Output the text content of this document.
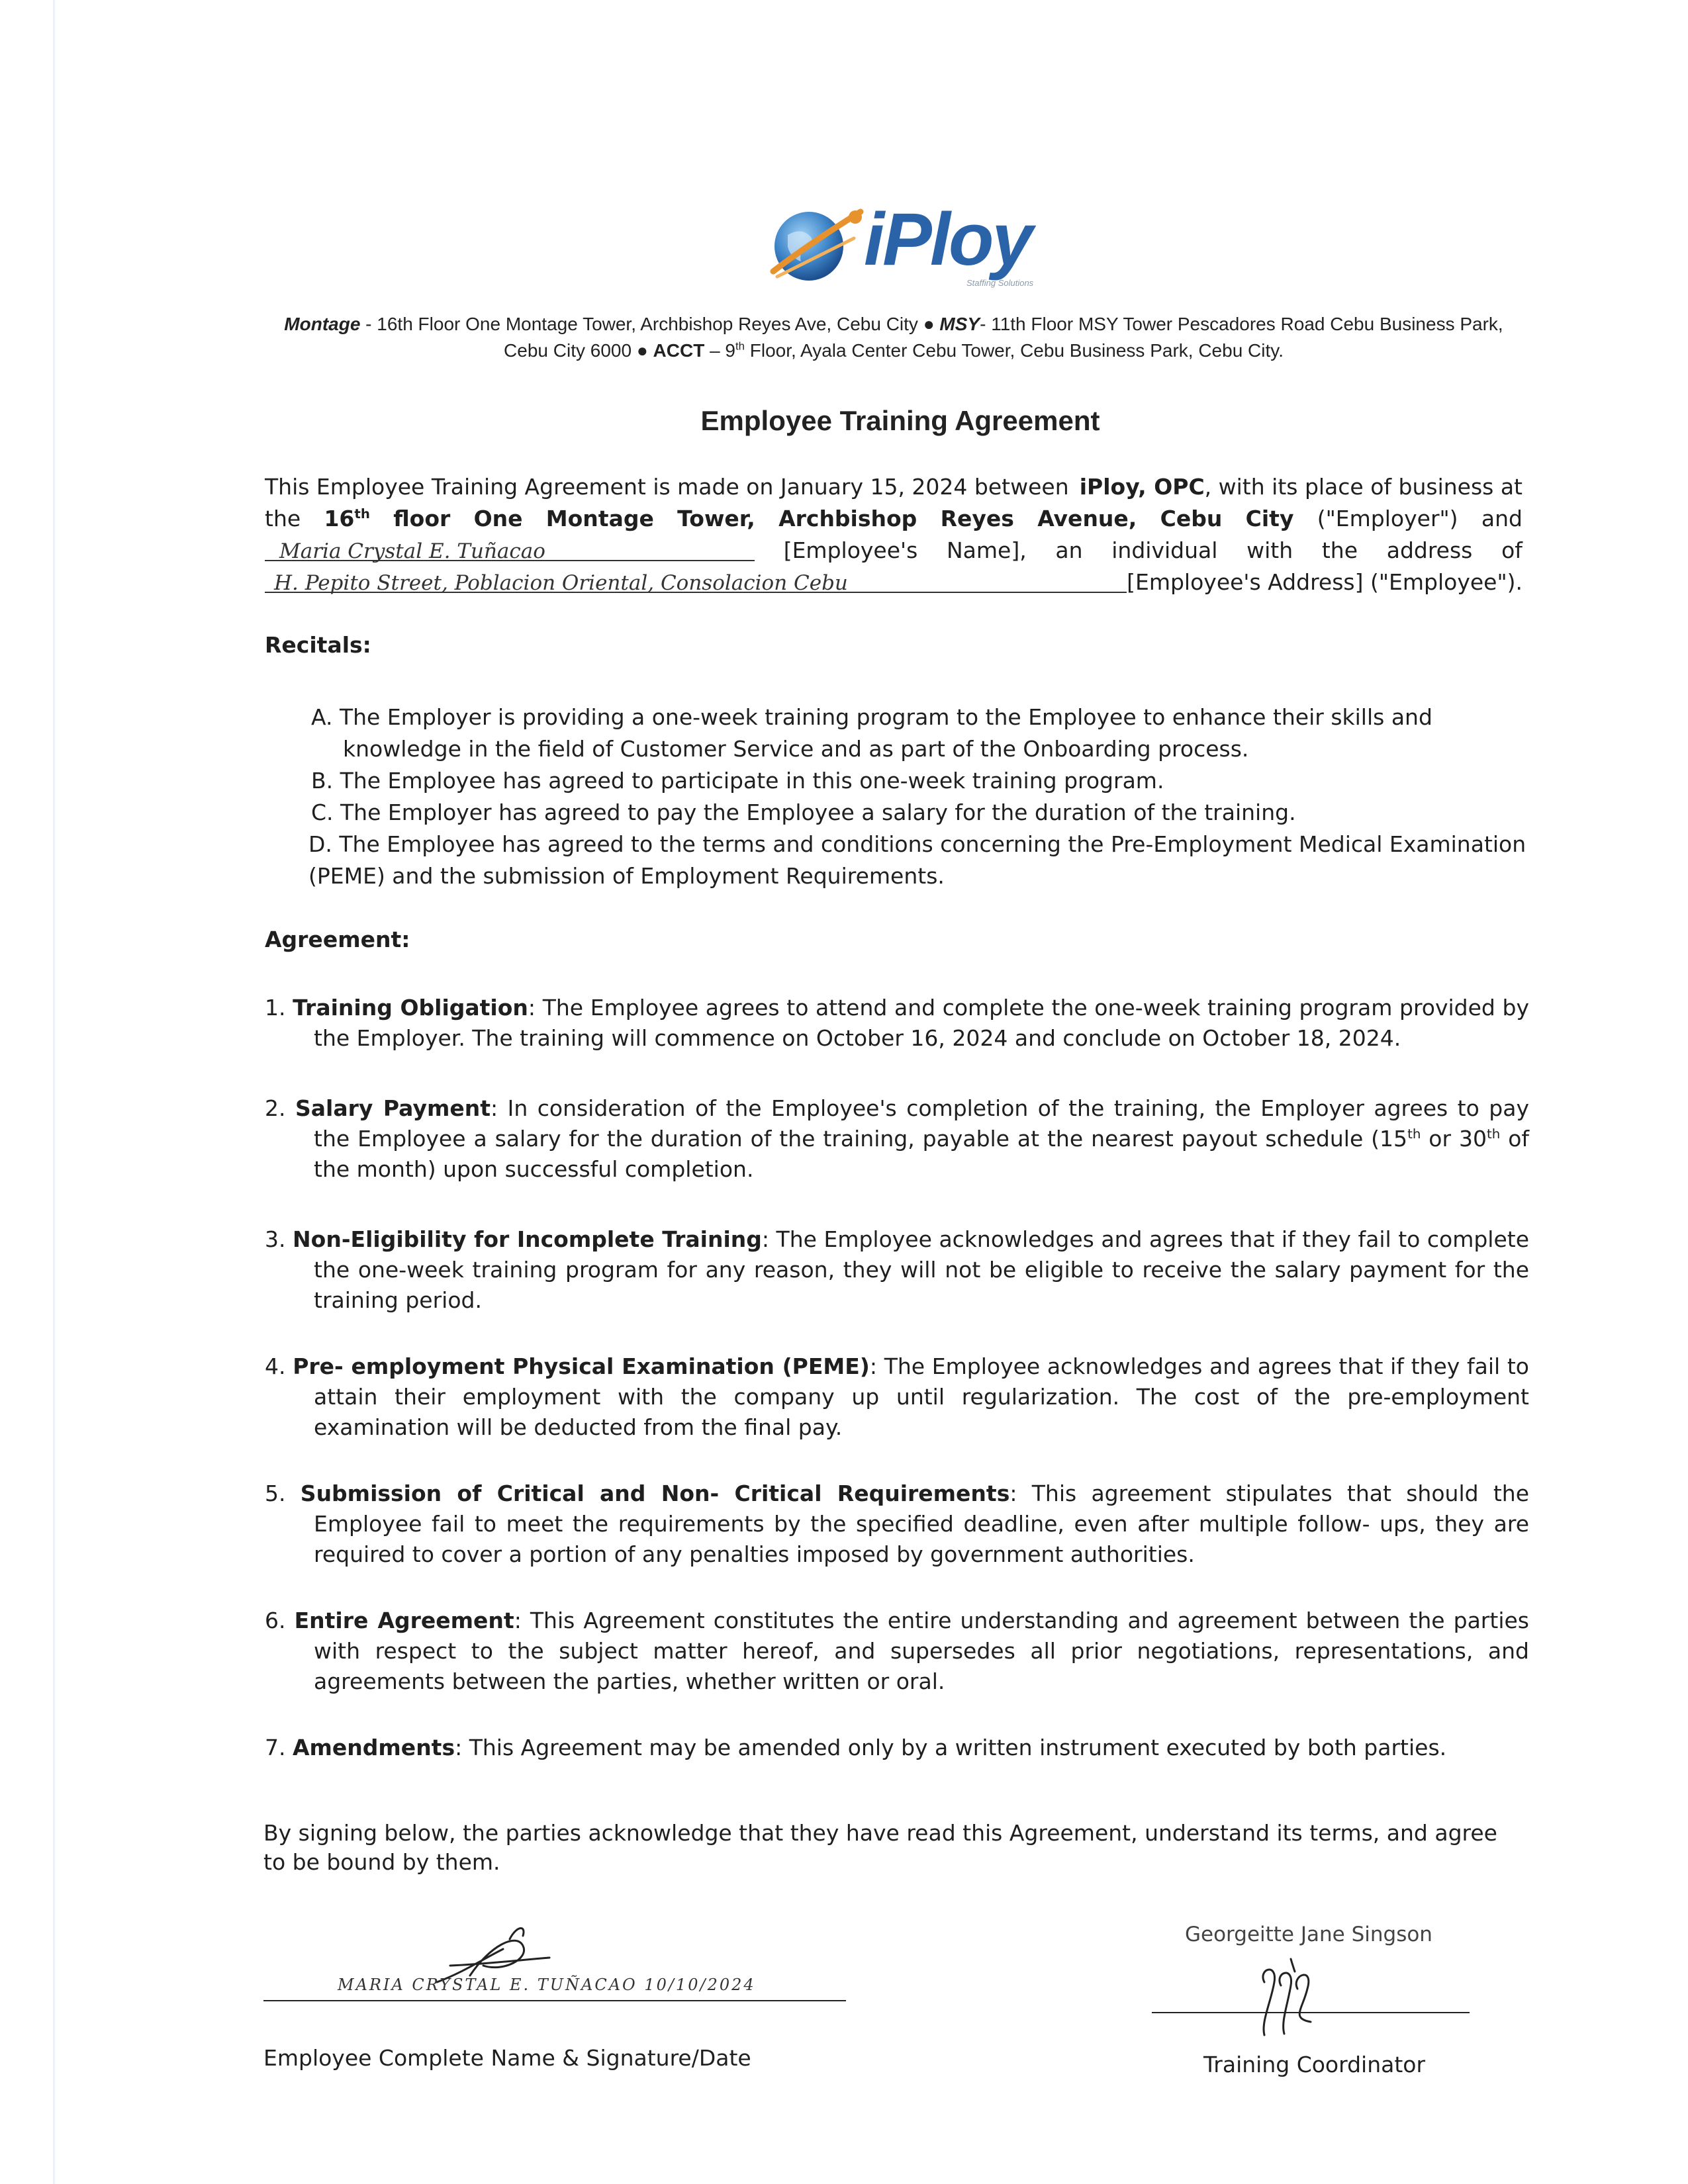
iPloy
Staffing Solutions
Montage - 16th Floor One Montage Tower, Archbishop Reyes Ave, Cebu City ● MSY- 11th Floor MSY Tower Pescadores Road Cebu Business Park, Cebu City 6000 ● ACCT – 9th Floor, Ayala Center Cebu Tower, Cebu Business Park, Cebu City.
Employee Training Agreement
This Employee Training Agreement is made on January 15, 2024 between iPloy, OPC, with its place of business at
the 16th floor One Montage Tower, Archbishop Reyes Avenue, Cebu City ("Employer") and
Maria Crystal E. Tuñacao	[Employee's Name], an individual with the address of
H. Pepito Street, Poblacion Oriental, Consolacion Cebu	[Employee's Address] ("Employee").
Recitals:
A. The Employer is providing a one-week training program to the Employee to enhance their skills and knowledge in the field of Customer Service and as part of the Onboarding process.
B. The Employee has agreed to participate in this one-week training program.
C. The Employer has agreed to pay the Employee a salary for the duration of the training.
D. The Employee has agreed to the terms and conditions concerning the Pre-Employment Medical Examination (PEME) and the submission of Employment Requirements.
Agreement:
1. Training Obligation: The Employee agrees to attend and complete the one-week training program provided by the Employer. The training will commence on October 16, 2024 and conclude on October 18, 2024.
2. Salary Payment: In consideration of the Employee's completion of the training, the Employer agrees to pay the Employee a salary for the duration of the training, payable at the nearest payout schedule (15th or 30th of the month) upon successful completion.
3. Non-Eligibility for Incomplete Training: The Employee acknowledges and agrees that if they fail to complete the one-week training program for any reason, they will not be eligible to receive the salary payment for the training period.
4. Pre- employment Physical Examination (PEME): The Employee acknowledges and agrees that if they fail to attain their employment with the company up until regularization. The cost of the pre-employment examination will be deducted from the final pay.
5. Submission of Critical and Non- Critical Requirements: This agreement stipulates that should the Employee fail to meet the requirements by the specified deadline, even after multiple follow- ups, they are required to cover a portion of any penalties imposed by government authorities.
6. Entire Agreement: This Agreement constitutes the entire understanding and agreement between the parties with respect to the subject matter hereof, and supersedes all prior negotiations, representations, and agreements between the parties, whether written or oral.
7. Amendments: This Agreement may be amended only by a written instrument executed by both parties.
By signing below, the parties acknowledge that they have read this Agreement, understand its terms, and agree to be bound by them.
MARIA CRYSTAL E. TUÑACAO 10/10/2024
Employee Complete Name & Signature/Date
Georgeitte Jane Singson
Training Coordinator
